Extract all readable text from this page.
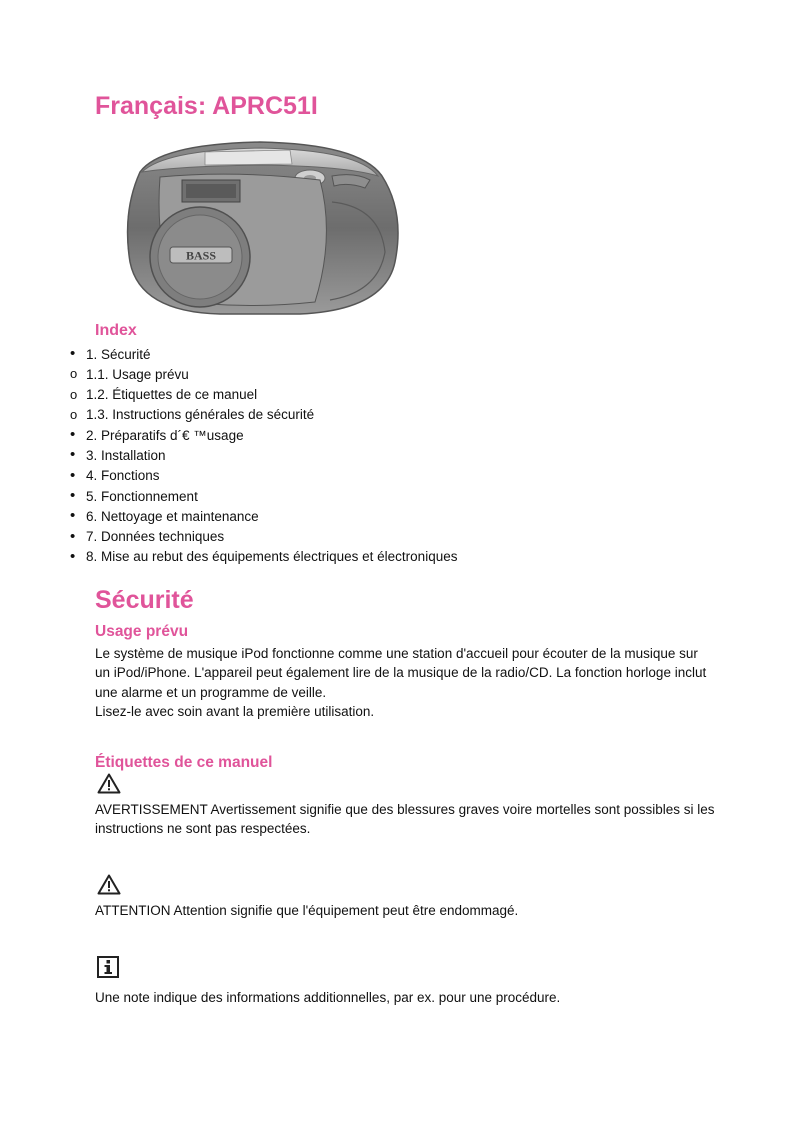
Français: APRC51I
BASS
Index
•
1. Sécurité
o
1.1. Usage prévu
o
1.2. Étiquettes de ce manuel
o
1.3. Instructions générales de sécurité
•
2. Préparatifs d´€ ™usage
•
3. Installation
•
4. Fonctions
•
5. Fonctionnement
•
6. Nettoyage et maintenance
•
7. Données techniques
•
8. Mise au rebut des équipements électriques et électroniques
Sécurité
Usage prévu

Le système de musique iPod fonctionne comme une station d'accueil pour écouter de la musique sur un iPod/iPhone. L'appareil peut également lire de la musique de la radio/CD. La fonction horloge inclut une alarme et un programme de veille.

Lisez-le avec soin avant la première utilisation.

Étiquettes de ce manuel

AVERTISSEMENT Avertissement signifie que des blessures graves voire mortelles sont possibles si les instructions ne sont pas respectées.

ATTENTION Attention signifie que l'équipement peut être endommagé.

Une note indique des informations additionnelles, par ex. pour une procédure.
